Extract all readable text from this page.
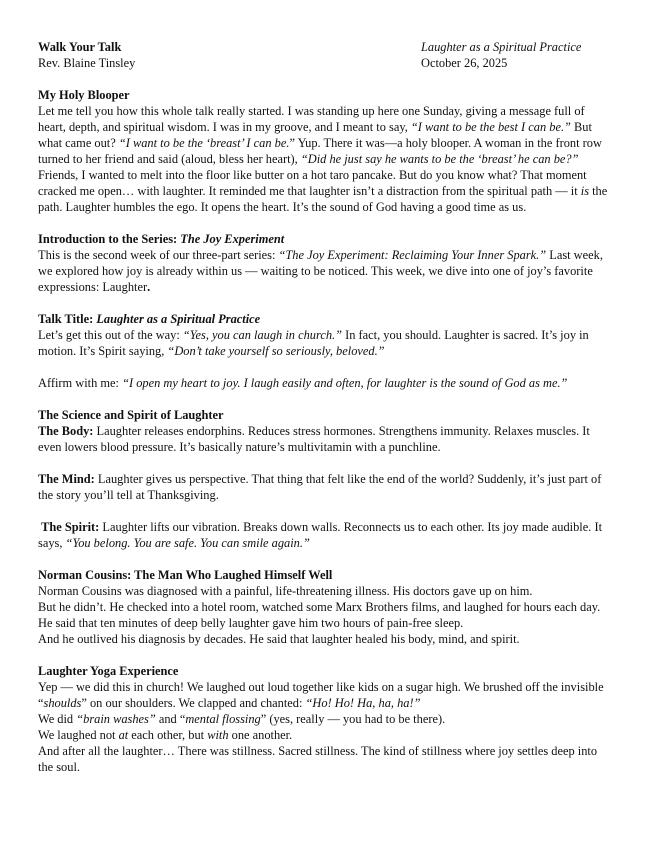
Walk Your Talk
Rev. Blaine Tinsley
Laughter as a Spiritual Practice
October 26, 2025
My Holy Blooper

Let me tell you how this whole talk really started. I was standing up here one Sunday, giving a message full of heart, depth, and spiritual wisdom. I was in my groove, and I meant to say, “I want to be the best I can be.” But what came out? “I want to be the ‘breast’ I can be.” Yup. There it was—a holy blooper. A woman in the front row turned to her friend and said (aloud, bless her heart), “Did he just say he wants to be the ‘breast’ he can be?” Friends, I wanted to melt into the floor like butter on a hot taro pancake. But do you know what? That moment cracked me open… with laughter. It reminded me that laughter isn’t a distraction from the spiritual path — it is the path. Laughter humbles the ego. It opens the heart. It’s the sound of God having a good time as us.

Introduction to the Series: The Joy Experiment

This is the second week of our three-part series: “The Joy Experiment: Reclaiming Your Inner Spark.” Last week, we explored how joy is already within us — waiting to be noticed. This week, we dive into one of joy’s favorite expressions: Laughter.

Talk Title: Laughter as a Spiritual Practice

Let’s get this out of the way: “Yes, you can laugh in church.” In fact, you should. Laughter is sacred. It’s joy in motion. It’s Spirit saying, “Don’t take yourself so seriously, beloved.”

Affirm with me: “I open my heart to joy. I laugh easily and often, for laughter is the sound of God as me.”

The Science and Spirit of Laughter

The Body: Laughter releases endorphins. Reduces stress hormones. Strengthens immunity. Relaxes muscles. It even lowers blood pressure. It’s basically nature’s multivitamin with a punchline.

The Mind: Laughter gives us perspective. That thing that felt like the end of the world? Suddenly, it’s just part of the story you’ll tell at Thanksgiving.

The Spirit: Laughter lifts our vibration. Breaks down walls. Reconnects us to each other. Its joy made audible. It says, “You belong. You are safe. You can smile again.”

Norman Cousins: The Man Who Laughed Himself Well

Norman Cousins was diagnosed with a painful, life-threatening illness. His doctors gave up on him.

But he didn’t. He checked into a hotel room, watched some Marx Brothers films, and laughed for hours each day. He said that ten minutes of deep belly laughter gave him two hours of pain-free sleep.

And he outlived his diagnosis by decades. He said that laughter healed his body, mind, and spirit.

Laughter Yoga Experience

Yep — we did this in church! We laughed out loud together like kids on a sugar high. We brushed off the invisible “shoulds” on our shoulders. We clapped and chanted: “Ho! Ho! Ha, ha, ha!”

We did “brain washes” and “mental flossing” (yes, really — you had to be there).

We laughed not at each other, but with one another.

And after all the laughter… There was stillness. Sacred stillness. The kind of stillness where joy settles deep into the soul.
